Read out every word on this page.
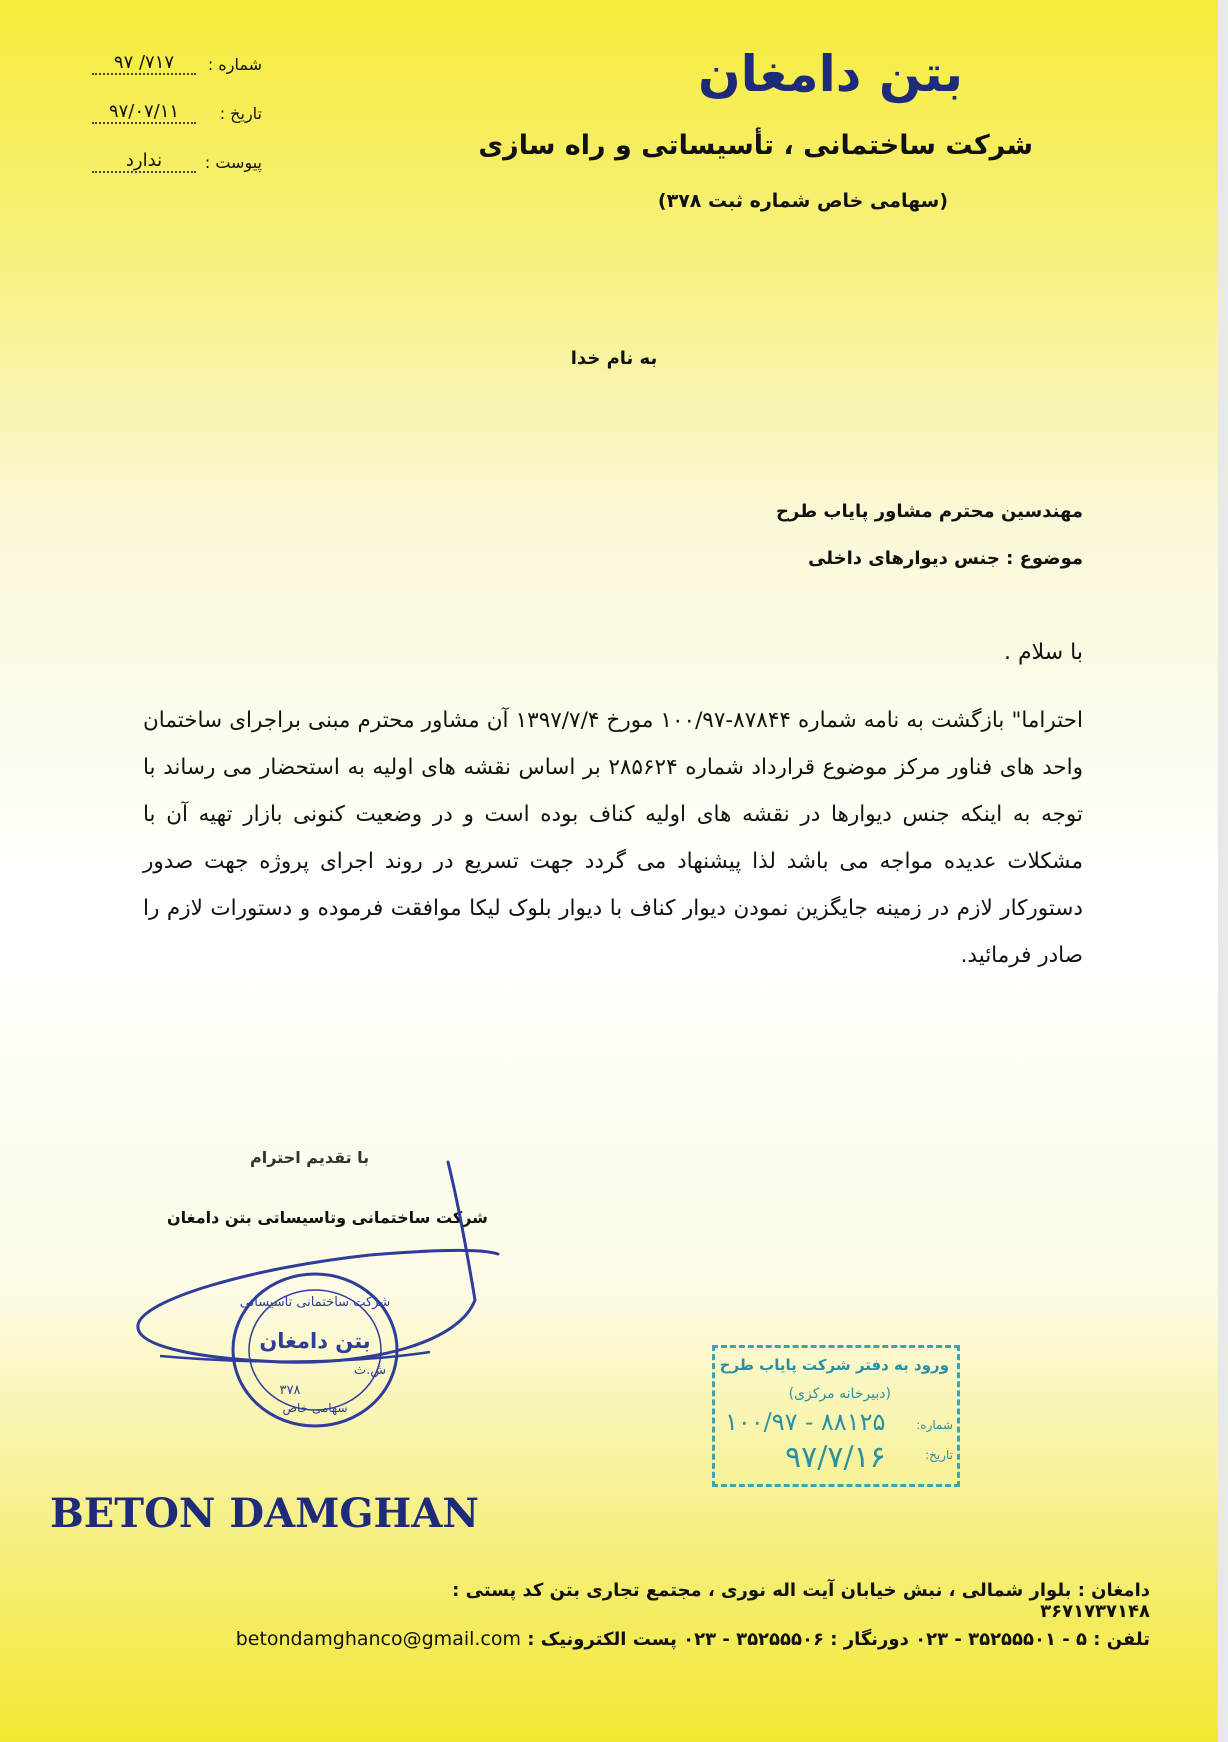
بتن دامغان
شرکت ساختمانی ، تأسیساتی و راه سازی
(سهامی خاص شماره ثبت ۳۷۸)
شماره :
۹۷ /۷۱۷
تاریخ :
۹۷/۰۷/۱۱
پیوست :
ندارد
به نام خدا
مهندسین محترم مشاور پایاب طرح
موضوع : جنس دیوارهای داخلی
با سلام .
احتراما" بازگشت به نامه شماره ۸۷۸۴۴-۱۰۰/۹۷ مورخ ۱۳۹۷/۷/۴ آن مشاور محترم مبنی براجرای ساختمان واحد های فناور مرکز موضوع قرارداد شماره ۲۸۵۶۲۴ بر اساس نقشه های اولیه به استحضار می رساند با توجه به اینکه جنس دیوارها در نقشه های اولیه کناف بوده است و در وضعیت کنونی بازار تهیه آن با مشکلات عدیده مواجه می باشد لذا پیشنهاد می گردد جهت تسریع در روند اجرای پروژه جهت صدور دستورکار لازم در زمینه جایگزین نمودن دیوار کناف با دیوار بلوک لیکا موافقت فرموده و دستورات لازم را صادر فرمائید.
با تقدیم احترام
شرکت ساختمانی وتاسیساتی بتن دامغان
شرکت ساختمانی تاسیساتی
بتن دامغان
ش.ث
۳۷۸
سهامی خاص
ورود به دفتر شرکت پایاب طرح
(دبیرخانه مرکزی)
شماره:
تاریخ:
۱۰۰/۹۷ - ۸۸۱۲۵
۹۷/۷/۱۶
BETON DAMGHAN
دامغان : بلوار شمالی ، نبش خیابان آیت اله نوری ، مجتمع تجاری بتن کد پستی : ۳۶۷۱۷۳۷۱۴۸
تلفن : ۵ - ۳۵۲۵۵۵۰۱ - ۰۲۳ دورنگار : ۳۵۲۵۵۵۰۶ - ۰۲۳ پست الکترونیک : betondamghanco@gmail.com
